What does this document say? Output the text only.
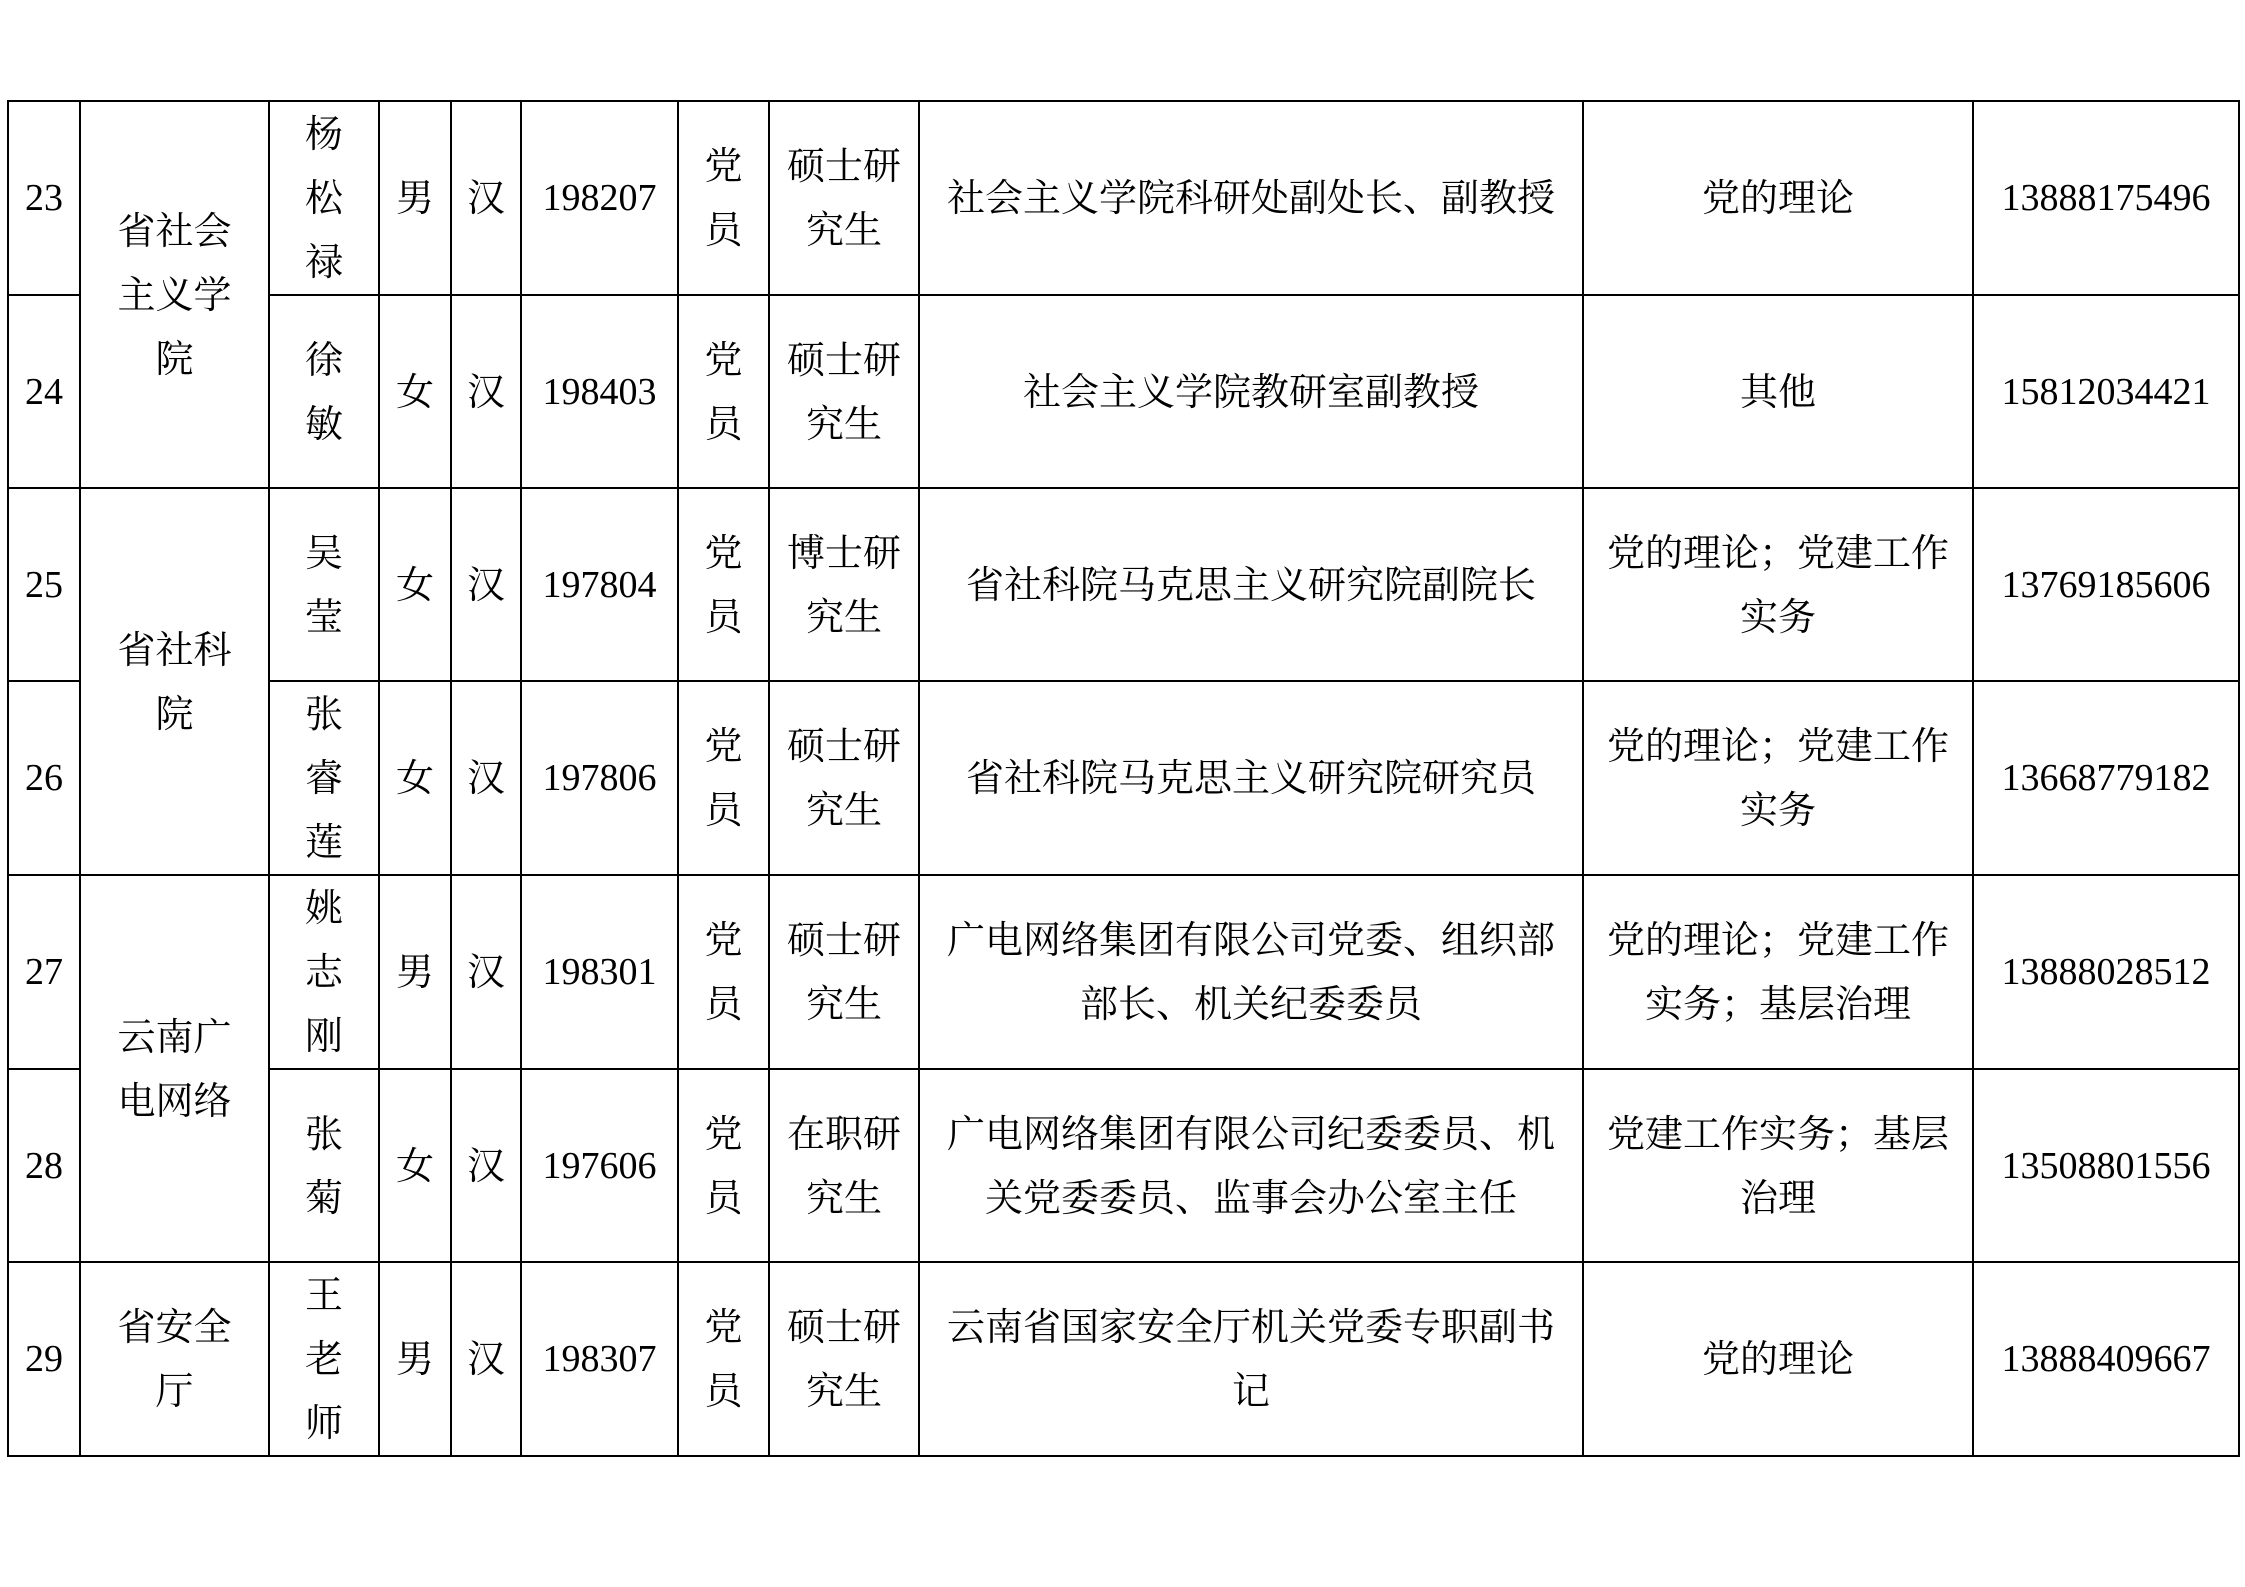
23	省社会主义学院	杨松禄	男	汉	198207	党员	硕士研究生	社会主义学院科研处副处长、副教授	党的理论	13888175496
24		徐敏	女	汉	198403	党员	硕士研究生	社会主义学院教研室副教授	其他	15812034421
25	省社科院	吴莹	女	汉	197804	党员	博士研究生	省社科院马克思主义研究院副院长	党的理论；党建工作实务	13769185606
26		张睿莲	女	汉	197806	党员	硕士研究生	省社科院马克思主义研究院研究员	党的理论；党建工作实务	13668779182
27	云南广电网络	姚志刚	男	汉	198301	党员	硕士研究生	广电网络集团有限公司党委、组织部部长、机关纪委委员	党的理论；党建工作实务；基层治理	13888028512
28		张菊	女	汉	197606	党员	在职研究生	广电网络集团有限公司纪委委员、机关党委委员、监事会办公室主任	党建工作实务；基层治理	13508801556
29	省安全厅	王老师	男	汉	198307	党员	硕士研究生	云南省国家安全厅机关党委专职副书记	党的理论	13888409667
